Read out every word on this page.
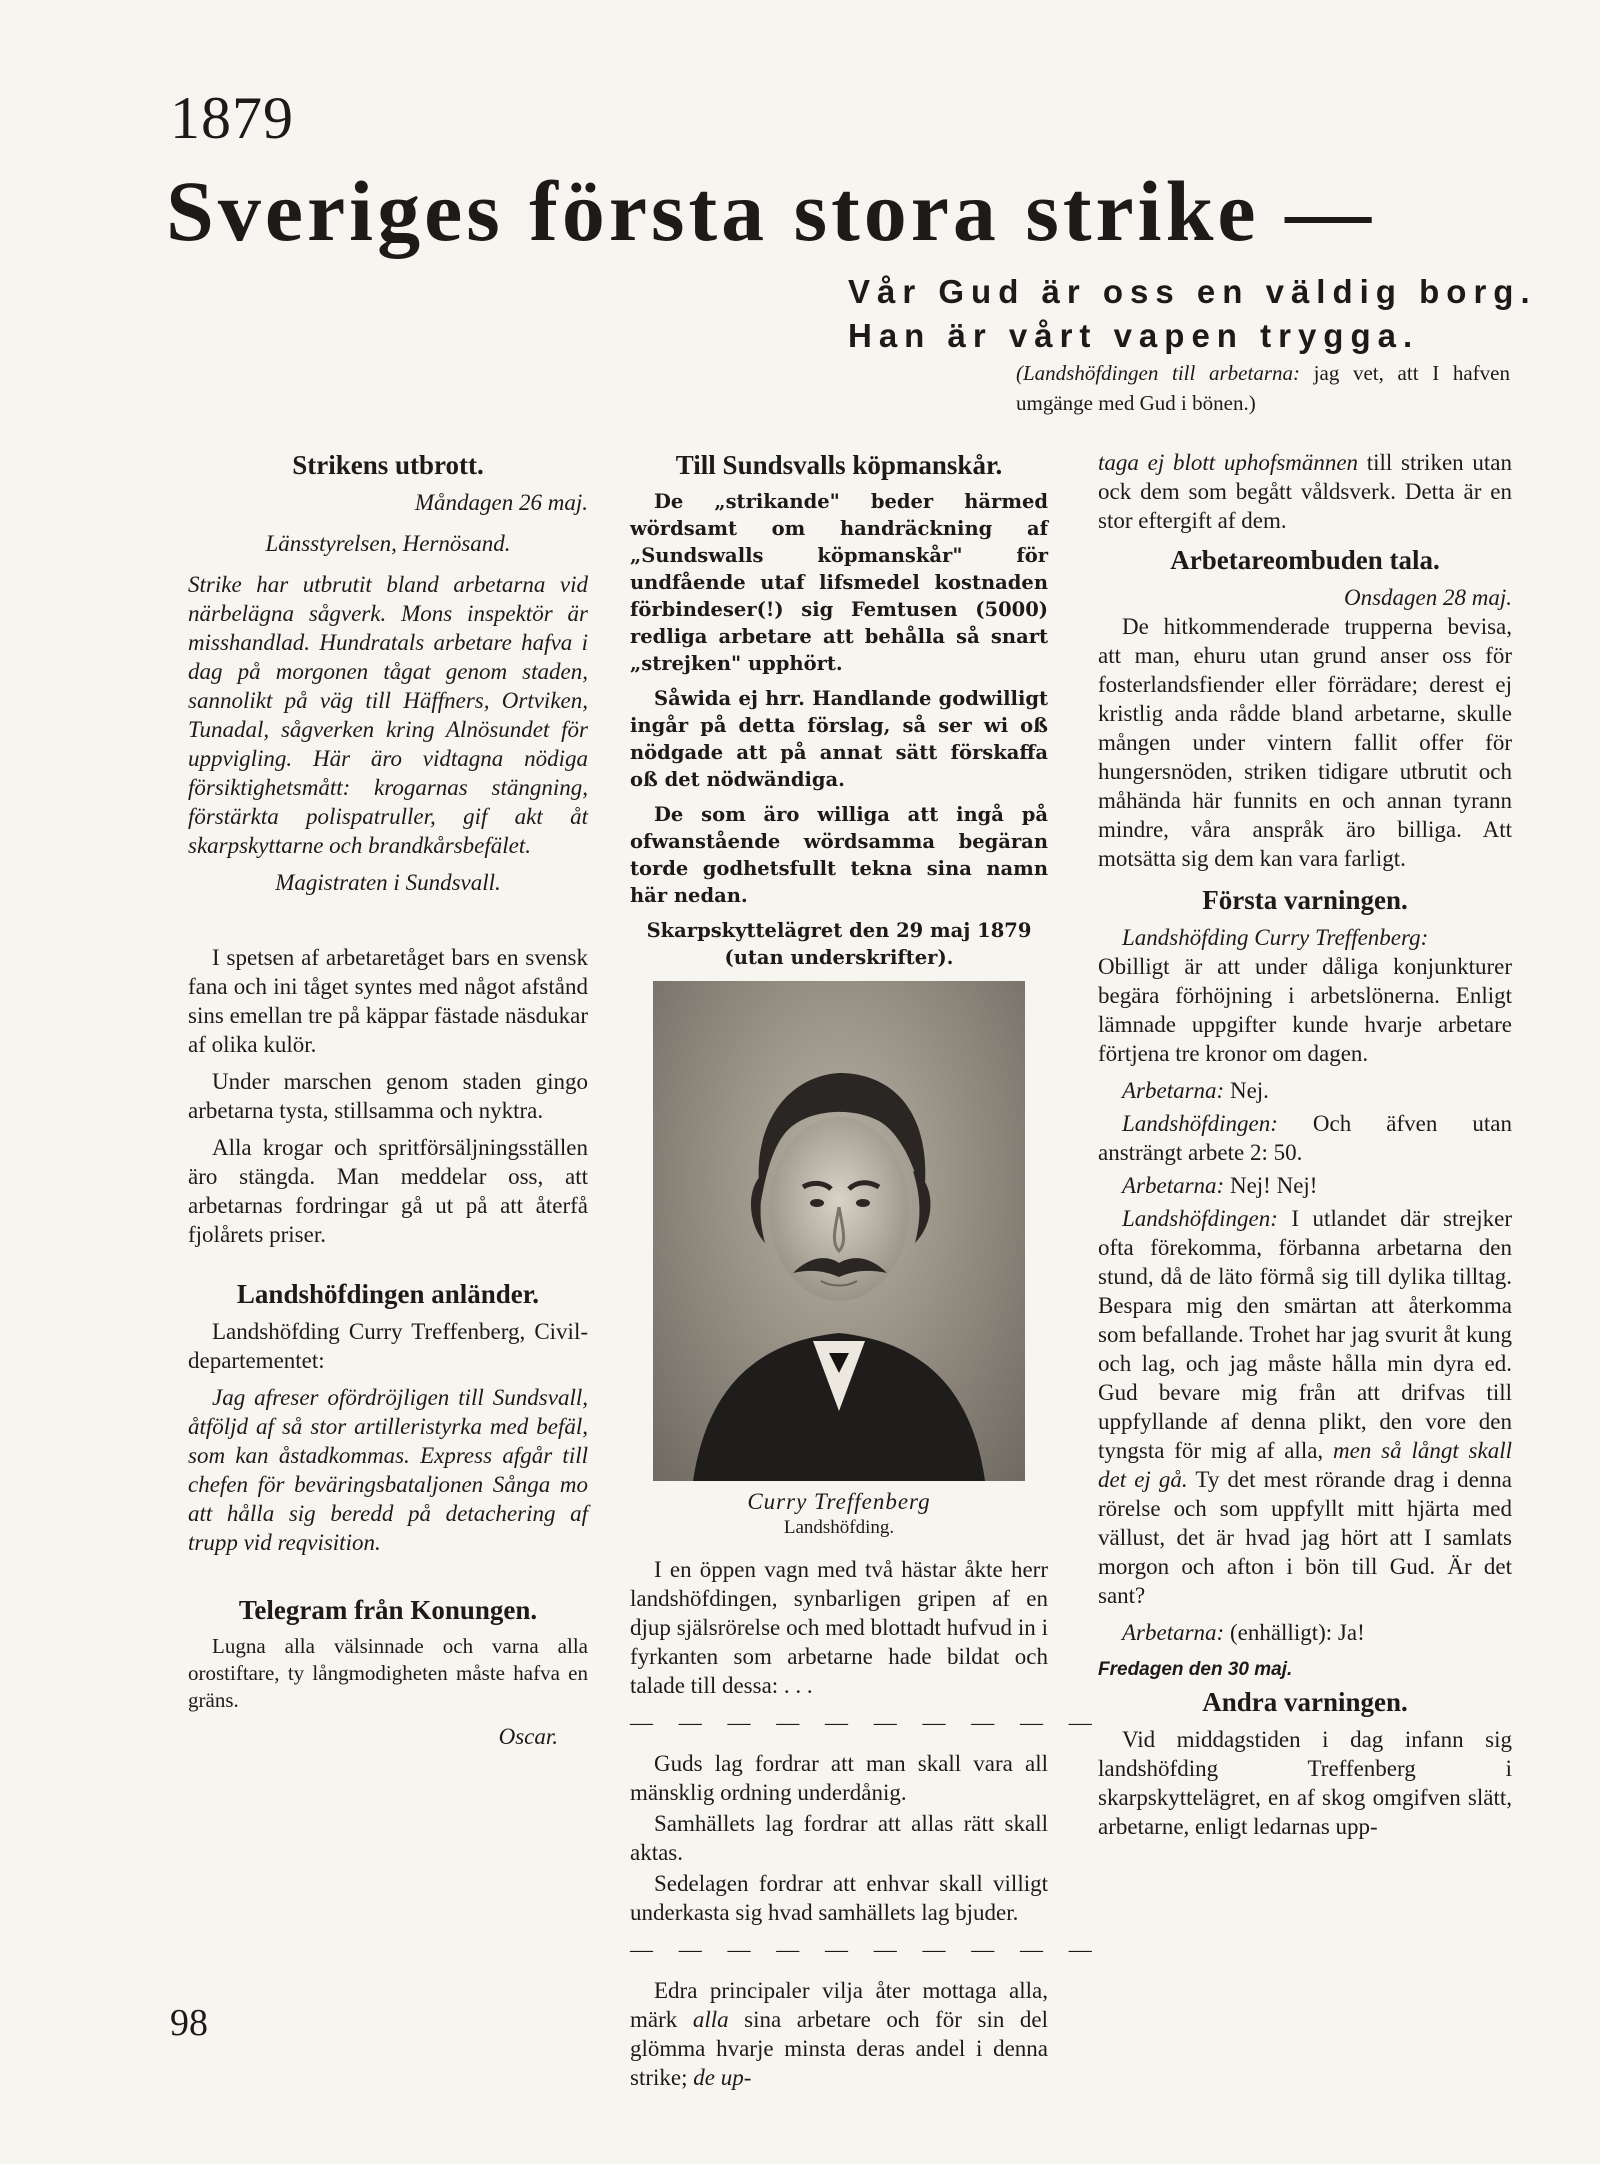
1879
Sveriges första stora strike —
Vår Gud är oss en väldig borg.
Han är vårt vapen trygga.
(Landshöfdingen till arbetarna: jag vet, att I hafven umgänge med Gud i bönen.)
Strikens utbrott.
Måndagen 26 maj.
Länsstyrelsen, Hernösand.

Strike har utbrutit bland arbetarna vid närbelägna sågverk. Mons inspektör är misshandlad. Hundratals arbetare hafva i dag på morgonen tågat genom staden, sannolikt på väg till Häffners, Ortviken, Tunadal, sågverken kring Alnösundet för uppvigling. Här äro vidtagna nödiga försiktighetsmått: krogarnas stängning, förstärkta polispatruller, gif akt åt skarpskyttarne och brandkårsbefälet.

Magistraten i Sundsvall.

I spetsen af arbetaretåget bars en svensk fana och ini tåget syntes med något afstånd sins emellan tre på käppar fästade näsdukar af olika kulör.

Under marschen genom staden gingo arbetarna tysta, stillsamma och nyktra.

Alla krogar och spritförsäljningsställen äro stängda. Man meddelar oss, att arbetarnas fordringar gå ut på att återfå fjolårets priser.

Landshöfdingen anländer.

Landshöfding Curry Treffenberg, Civil-departementet:

Jag afreser ofördröjligen till Sundsvall, åtföljd af så stor artilleristyrka med befäl, som kan åstadkommas. Express afgår till chefen för beväringsbataljonen Sånga mo att hålla sig beredd på detachering af trupp vid reqvisition.

Telegram från Konungen.

Lugna alla välsinnade och varna alla orostiftare, ty långmodigheten måste hafva en gräns.

Oscar.
Till Sundsvalls köpmanskår.

De „strikande" beder härmed wördsamt om handräckning af „Sundswalls köpmanskår" för undfående utaf lifsmedel kostnaden förbindeser(!) sig Femtusen (5000) redliga arbetare att behålla så snart „strejken" upphört.

Såwida ej hrr. Handlande godwilligt ingår på detta förslag, så ser wi oß nödgade att på annat sätt förskaffa oß det nödwändiga.

De som äro williga att ingå på ofwanstående wördsamma begäran torde godhetsfullt tekna sina namn här nedan.

Skarpskyttelägret den 29 maj 1879
(utan underskrifter).
Curry Treffenberg
Landshöfding.

I en öppen vagn med två hästar åkte herr landshöfdingen, synbarligen gripen af en djup själsrörelse och med blottadt hufvud in i fyrkanten som arbetarne hade bildat och talade till dessa: . . .

— — — — — — — — — —

Guds lag fordrar att man skall vara all mänsklig ordning underdånig.

Samhällets lag fordrar att allas rätt skall aktas.

Sedelagen fordrar att enhvar skall villigt underkasta sig hvad samhällets lag bjuder.

— — — — — — — — — —

Edra principaler vilja åter mottaga alla, märk alla sina arbetare och för sin del glömma hvarje minsta deras andel i denna strike; de up-

taga ej blott uphofsmännen till striken utan ock dem som begått våldsverk. Detta är en stor eftergift af dem.

Arbetareombuden tala.
Onsdagen 28 maj.

De hitkommenderade trupperna bevisa, att man, ehuru utan grund anser oss för fosterlandsfiender eller förrädare; derest ej kristlig anda rådde bland arbetarne, skulle mången under vintern fallit offer för hungersnöden, striken tidigare utbrutit och måhända här funnits en och annan tyrann mindre, våra anspråk äro billiga. Att motsätta sig dem kan vara farligt.

Första varningen.
Landshöfding Curry Treffenberg:

Obilligt är att under dåliga konjunkturer begära förhöjning i arbetslönerna. Enligt lämnade uppgifter kunde hvarje arbetare förtjena tre kronor om dagen.

Arbetarna: Nej.

Landshöfdingen: Och äfven utan ansträngt arbete 2: 50.

Arbetarna: Nej! Nej!

Landshöfdingen: I utlandet där strejker ofta förekomma, förbanna arbetarna den stund, då de läto förmå sig till dylika tilltag. Bespara mig den smärtan att återkomma som befallande. Trohet har jag svurit åt kung och lag, och jag måste hålla min dyra ed. Gud bevare mig från att drifvas till uppfyllande af denna plikt, den vore den tyngsta för mig af alla, men så långt skall det ej gå. Ty det mest rörande drag i denna rörelse och som uppfyllt mitt hjärta med vällust, det är hvad jag hört att I samlats morgon och afton i bön till Gud. Är det sant?

Arbetarna: (enhälligt): Ja!
Fredagen den 30 maj.
Andra varningen.

Vid middagstiden i dag infann sig landshöfding Treffenberg i skarpskyttelägret, en af skog omgifven slätt, arbetarne, enligt ledarnas upp-

98
